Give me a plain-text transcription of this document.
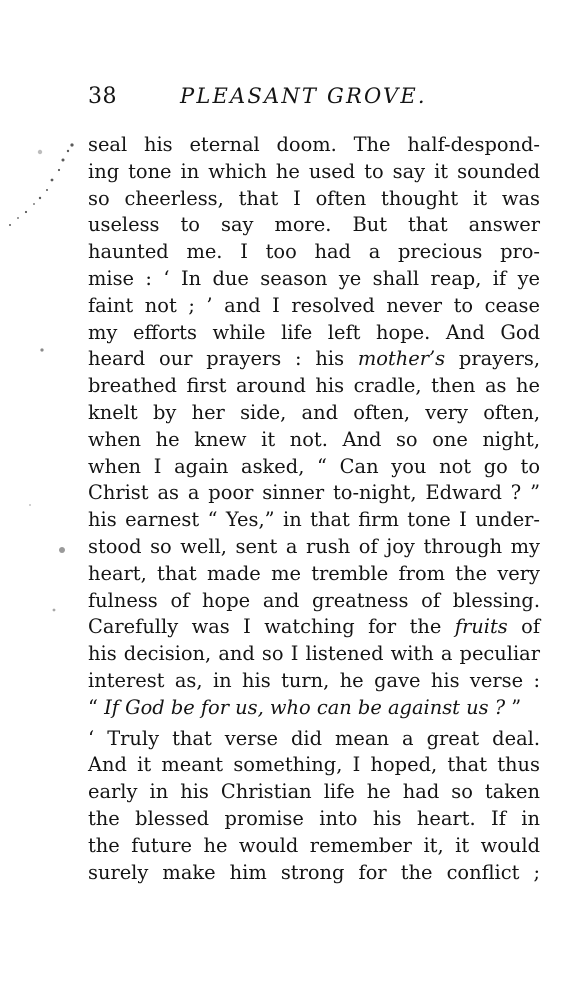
38	PLEASANT GROVE.
seal his eternal doom. The half-despond-
ing tone in which he used to say it sounded
so cheerless, that I often thought it was
useless to say more. But that answer
haunted me. I too had a precious pro-
mise : ‘ In due season ye shall reap, if ye
faint not ; ’ and I resolved never to cease
my efforts while life left hope. And God
heard our prayers : his mother’s prayers,
breathed first around his cradle, then as he
knelt by her side, and often, very often,
when he knew it not. And so one night,
when I again asked, “ Can you not go to
Christ as a poor sinner to-night, Edward ? ”
his earnest “ Yes,” in that firm tone I under-
stood so well, sent a rush of joy through my
heart, that made me tremble from the very
fulness of hope and greatness of blessing.
Carefully was I watching for the fruits of
his decision, and so I listened with a peculiar
interest as, in his turn, he gave his verse :
“ If God be for us, who can be against us ? ”
‘ Truly that verse did mean a great deal.
And it meant something, I hoped, that thus
early in his Christian life he had so taken
the blessed promise into his heart. If in
the future he would remember it, it would
surely make him strong for the conflict ;
